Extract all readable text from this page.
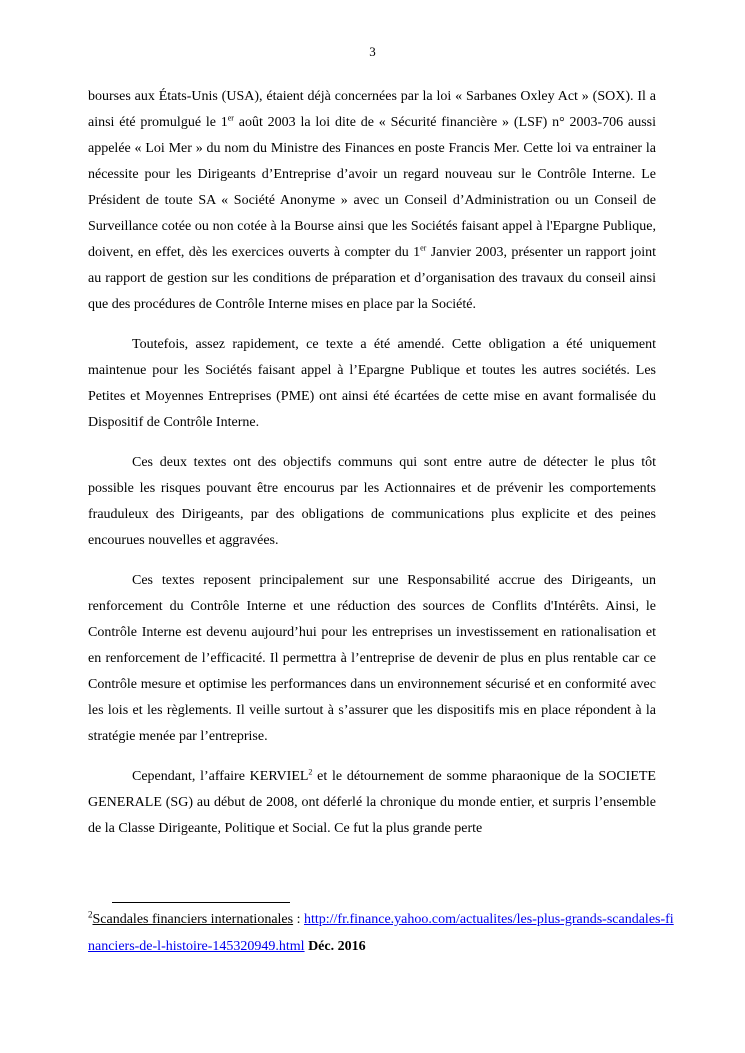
3

bourses aux États-Unis (USA), étaient déjà concernées par la loi « Sarbanes Oxley Act » (SOX). Il a ainsi été promulgué le 1er août 2003 la loi dite de « Sécurité financière » (LSF) n° 2003-706 aussi appelée « Loi Mer » du nom du Ministre des Finances en poste Francis Mer. Cette loi va entrainer la nécessite pour les Dirigeants d’Entreprise d’avoir un regard nouveau sur le Contrôle Interne. Le Président de toute SA « Société Anonyme » avec un Conseil d’Administration ou un Conseil de Surveillance cotée ou non cotée à la Bourse ainsi que les Sociétés faisant appel à l'Epargne Publique, doivent, en effet, dès les exercices ouverts à compter du 1er Janvier 2003, présenter un rapport joint au rapport de gestion sur les conditions de préparation et d’organisation des travaux du conseil ainsi que des procédures de Contrôle Interne mises en place par la Société.

Toutefois, assez rapidement, ce texte a été amendé. Cette obligation a été uniquement maintenue pour les Sociétés faisant appel à l’Epargne Publique et toutes les autres sociétés. Les Petites et Moyennes Entreprises (PME) ont ainsi été écartées de cette mise en avant formalisée du Dispositif de Contrôle Interne.

Ces deux textes ont des objectifs communs qui sont entre autre de détecter le plus tôt possible les risques pouvant être encourus par les Actionnaires et de prévenir les comportements frauduleux des Dirigeants, par des obligations de communications plus explicite et des peines encourues nouvelles et aggravées.

Ces textes reposent principalement sur une Responsabilité accrue des Dirigeants, un renforcement du Contrôle Interne et une réduction des sources de Conflits d'Intérêts. Ainsi, le Contrôle Interne est devenu aujourd’hui pour les entreprises un investissement en rationalisation et en renforcement de l’efficacité. Il permettra à l’entreprise de devenir de plus en plus rentable car ce Contrôle mesure et optimise les performances dans un environnement sécurisé et en conformité avec les lois et les règlements. Il veille surtout à s’assurer que les dispositifs mis en place répondent à la stratégie menée par l’entreprise.

Cependant, l’affaire KERVIEL$^2$ et le détournement de somme pharaonique de la SOCIETE GENERALE (SG) au début de 2008, ont déferlé la chronique du monde entier, et surpris l’ensemble de la Classe Dirigeante, Politique et Social. Ce fut la plus grande perte

$^2$Scandales financiers internationales : http://fr.finance.yahoo.com/actualites/les-plus-grands-scandales-financiers-de-l-histoire-145320949.html Déc. 2016
